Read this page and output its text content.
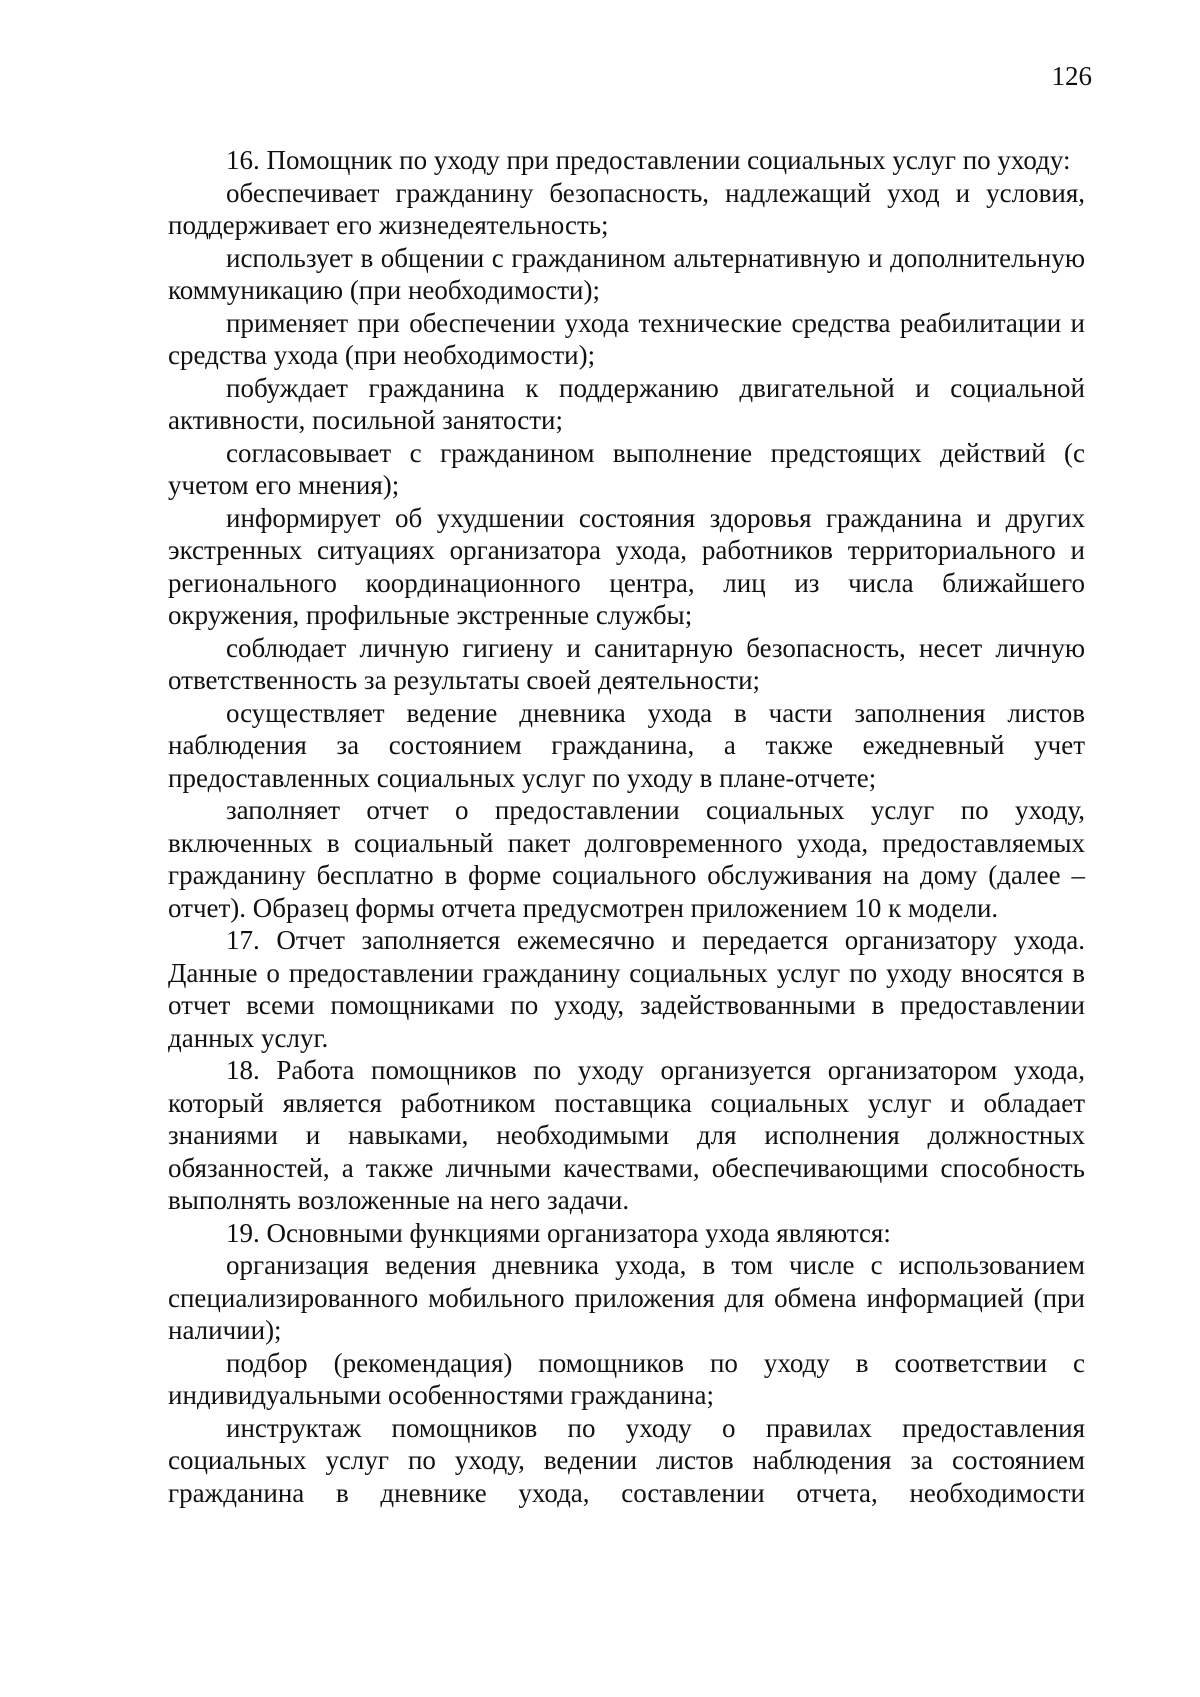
126

16. Помощник по уходу при предоставлении социальных услуг по уходу:

обеспечивает гражданину безопасность, надлежащий уход и условия, поддерживает его жизнедеятельность;

использует в общении с гражданином альтернативную и дополнительную коммуникацию (при необходимости);

применяет при обеспечении ухода технические средства реабилитации и средства ухода (при необходимости);

побуждает гражданина к поддержанию двигательной и социальной активности, посильной занятости;

согласовывает с гражданином выполнение предстоящих действий (с учетом его мнения);

информирует об ухудшении состояния здоровья гражданина и других экстренных ситуациях организатора ухода, работников территориального и регионального координационного центра, лиц из числа ближайшего окружения, профильные экстренные службы;

соблюдает личную гигиену и санитарную безопасность, несет личную ответственность за результаты своей деятельности;

осуществляет ведение дневника ухода в части заполнения листов наблюдения за состоянием гражданина, а также ежедневный учет предоставленных социальных услуг по уходу в плане-отчете;

заполняет отчет о предоставлении социальных услуг по уходу, включенных в социальный пакет долговременного ухода, предоставляемых гражданину бесплатно в форме социального обслуживания на дому (далее – отчет). Образец формы отчета предусмотрен приложением 10 к модели.

17. Отчет заполняется ежемесячно и передается организатору ухода. Данные о предоставлении гражданину социальных услуг по уходу вносятся в отчет всеми помощниками по уходу, задействованными в предоставлении данных услуг.

18. Работа помощников по уходу организуется организатором ухода, который является работником поставщика социальных услуг и обладает знаниями и навыками, необходимыми для исполнения должностных обязанностей, а также личными качествами, обеспечивающими способность выполнять возложенные на него задачи.

19. Основными функциями организатора ухода являются:

организация ведения дневника ухода, в том числе с использованием специализированного мобильного приложения для обмена информацией (при наличии);

подбор (рекомендация) помощников по уходу в соответствии с индивидуальными особенностями гражданина;

инструктаж помощников по уходу о правилах предоставления социальных услуг по уходу, ведении листов наблюдения за состоянием гражданина в дневнике ухода, составлении отчета, необходимости
